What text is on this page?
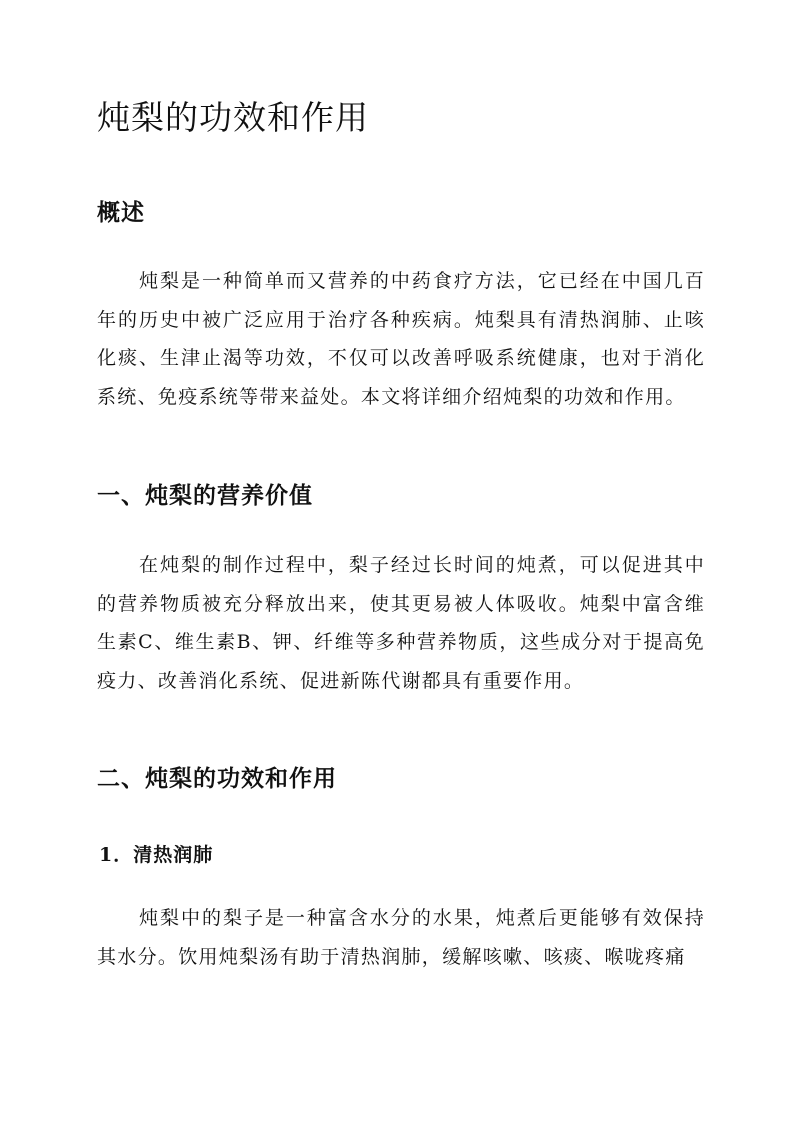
炖梨的功效和作用
概述

炖梨是一种简单而又营养的中药食疗方法，它已经在中国几百年的历史中被广泛应用于治疗各种疾病。炖梨具有清热润肺、止咳化痰、生津止渴等功效，不仅可以改善呼吸系统健康，也对于消化系统、免疫系统等带来益处。本文将详细介绍炖梨的功效和作用。

一、炖梨的营养价值

在炖梨的制作过程中，梨子经过长时间的炖煮，可以促进其中的营养物质被充分释放出来，使其更易被人体吸收。炖梨中富含维生素C、维生素B、钾、纤维等多种营养物质，这些成分对于提高免疫力、改善消化系统、促进新陈代谢都具有重要作用。

二、炖梨的功效和作用
1．清热润肺

炖梨中的梨子是一种富含水分的水果，炖煮后更能够有效保持其水分。饮用炖梨汤有助于清热润肺，缓解咳嗽、咳痰、喉咙疼痛
